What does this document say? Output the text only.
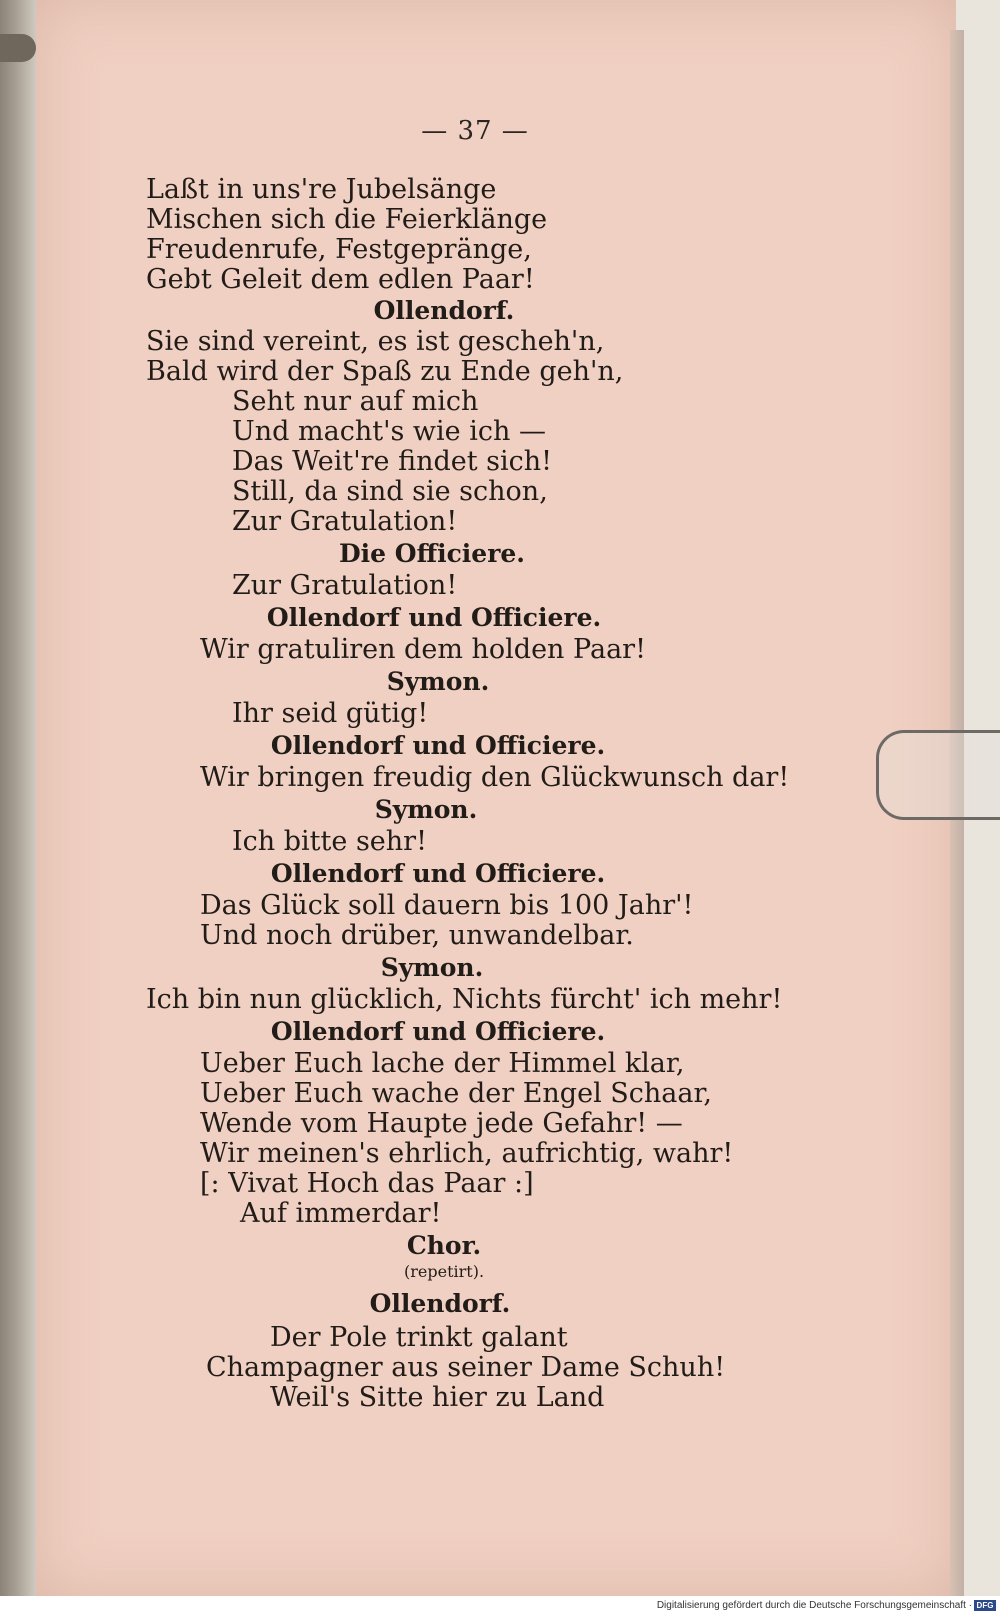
— 37 —
Laßt in uns're Jubelsänge
Mischen sich die Feierklänge
Freudenrufe, Festgepränge,
Gebt Geleit dem edlen Paar!
Ollendorf.
Sie sind vereint, es ist gescheh'n,
Bald wird der Spaß zu Ende geh'n,
Seht nur auf mich
Und macht's wie ich —
Das Weit're findet sich!
Still, da sind sie schon,
Zur Gratulation!
Die Officiere.
Zur Gratulation!
Ollendorf und Officiere.
Wir gratuliren dem holden Paar!
Symon.
Ihr seid gütig!
Ollendorf und Officiere.
Wir bringen freudig den Glückwunsch dar!
Symon.
Ich bitte sehr!
Ollendorf und Officiere.
Das Glück soll dauern bis 100 Jahr'!
Und noch drüber, unwandelbar.
Symon.
Ich bin nun glücklich, Nichts fürcht' ich mehr!
Ollendorf und Officiere.
Ueber Euch lache der Himmel klar,
Ueber Euch wache der Engel Schaar,
Wende vom Haupte jede Gefahr! —
Wir meinen's ehrlich, aufrichtig, wahr!
[: Vivat Hoch das Paar :]
Auf immerdar!
Chor.
(repetirt).
Ollendorf.
Der Pole trinkt galant
Champagner aus seiner Dame Schuh!
Weil's Sitte hier zu Land
Digitalisierung gefördert durch die Deutsche Forschungsgemeinschaft · DFG
